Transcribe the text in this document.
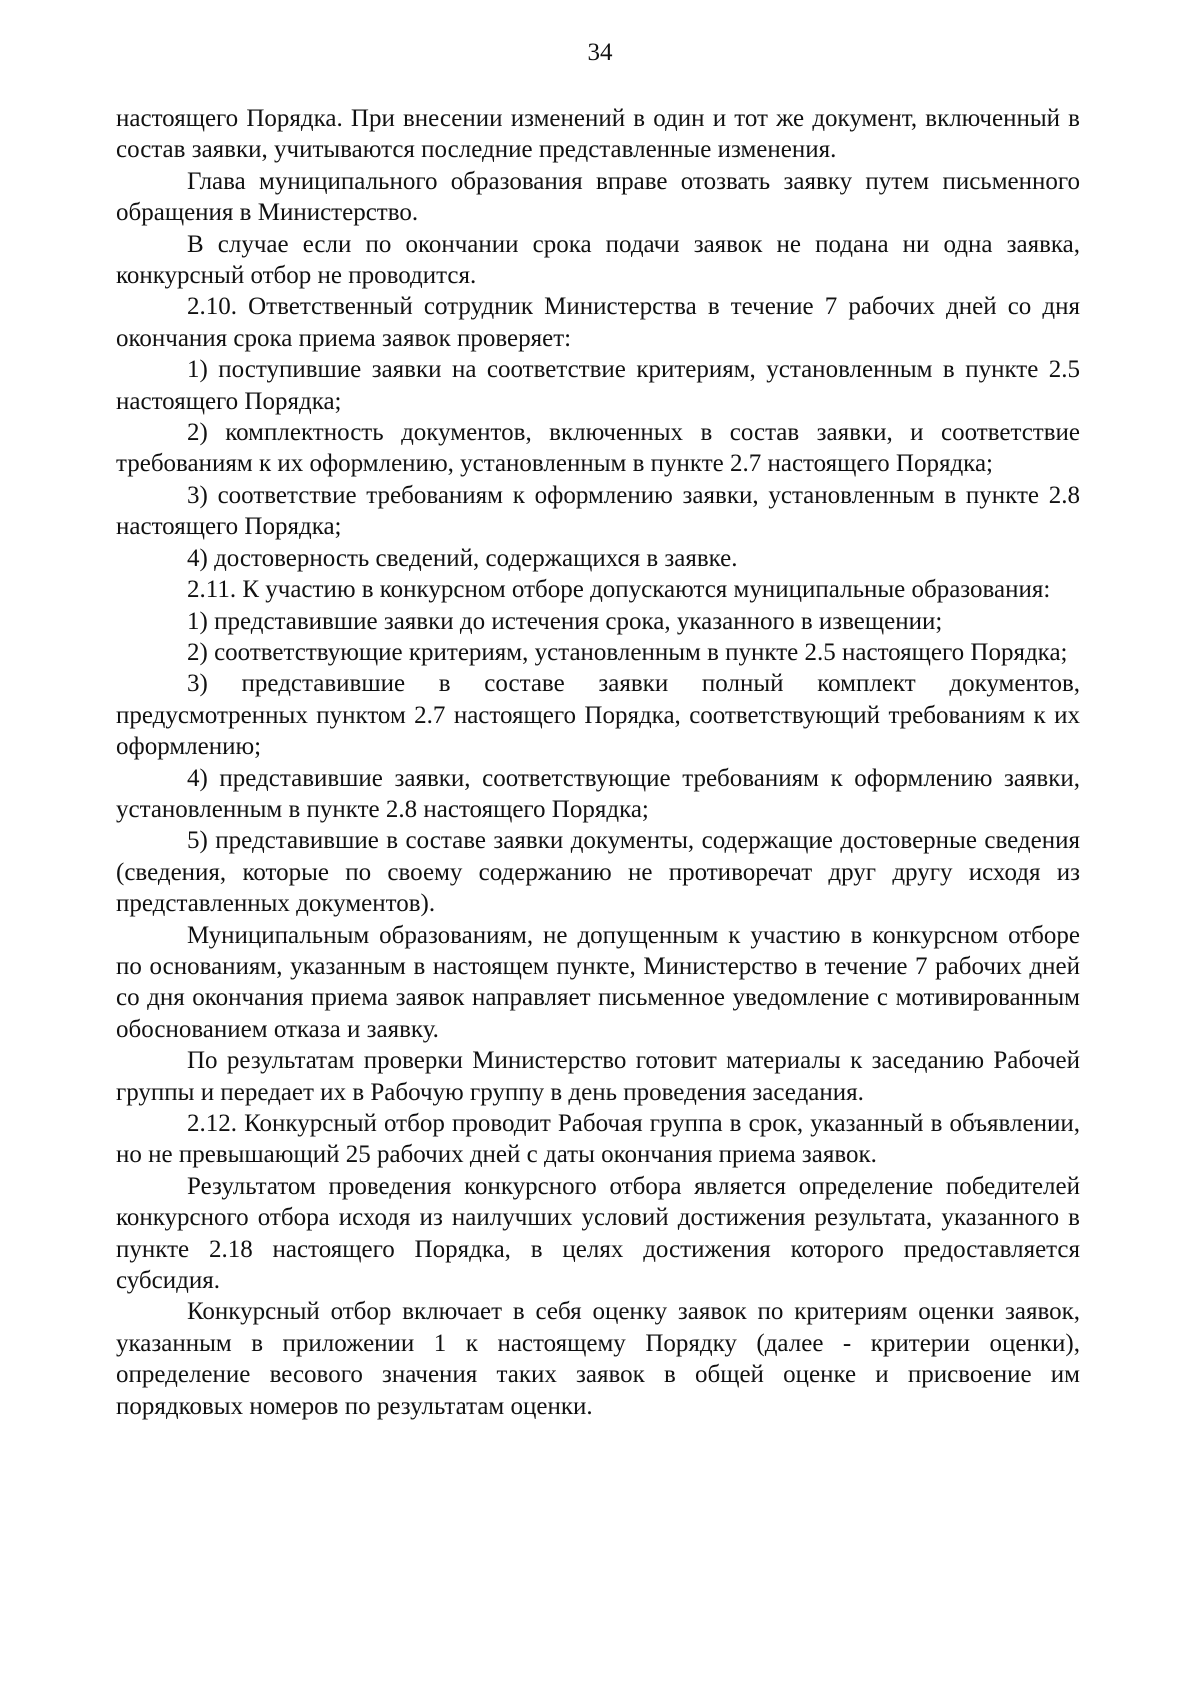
34

настоящего Порядка. При внесении изменений в один и тот же документ, включенный в состав заявки, учитываются последние представленные изменения.

Глава муниципального образования вправе отозвать заявку путем письменного обращения в Министерство.

В случае если по окончании срока подачи заявок не подана ни одна заявка, конкурсный отбор не проводится.

2.10. Ответственный сотрудник Министерства в течение 7 рабочих дней со дня окончания срока приема заявок проверяет:

1) поступившие заявки на соответствие критериям, установленным в пункте 2.5 настоящего Порядка;

2) комплектность документов, включенных в состав заявки, и соответствие требованиям к их оформлению, установленным в пункте 2.7 настоящего Порядка;

3) соответствие требованиям к оформлению заявки, установленным в пункте 2.8 настоящего Порядка;

4) достоверность сведений, содержащихся в заявке.

2.11. К участию в конкурсном отборе допускаются муниципальные образования:

1) представившие заявки до истечения срока, указанного в извещении;

2) соответствующие критериям, установленным в пункте 2.5 настоящего Порядка;

3) представившие в составе заявки полный комплект документов, предусмотренных пунктом 2.7 настоящего Порядка, соответствующий требованиям к их оформлению;

4) представившие заявки, соответствующие требованиям к оформлению заявки, установленным в пункте 2.8 настоящего Порядка;

5) представившие в составе заявки документы, содержащие достоверные сведения (сведения, которые по своему содержанию не противоречат друг другу исходя из представленных документов).

Муниципальным образованиям, не допущенным к участию в конкурсном отборе по основаниям, указанным в настоящем пункте, Министерство в течение 7 рабочих дней со дня окончания приема заявок направляет письменное уведомление с мотивированным обоснованием отказа и заявку.

По результатам проверки Министерство готовит материалы к заседанию Рабочей группы и передает их в Рабочую группу в день проведения заседания.

2.12. Конкурсный отбор проводит Рабочая группа в срок, указанный в объявлении, но не превышающий 25 рабочих дней с даты окончания приема заявок.

Результатом проведения конкурсного отбора является определение победителей конкурсного отбора исходя из наилучших условий достижения результата, указанного в пункте 2.18 настоящего Порядка, в целях достижения которого предоставляется субсидия.

Конкурсный отбор включает в себя оценку заявок по критериям оценки заявок, указанным в приложении 1 к настоящему Порядку (далее - критерии оценки), определение весового значения таких заявок в общей оценке и присвоение им порядковых номеров по результатам оценки.
